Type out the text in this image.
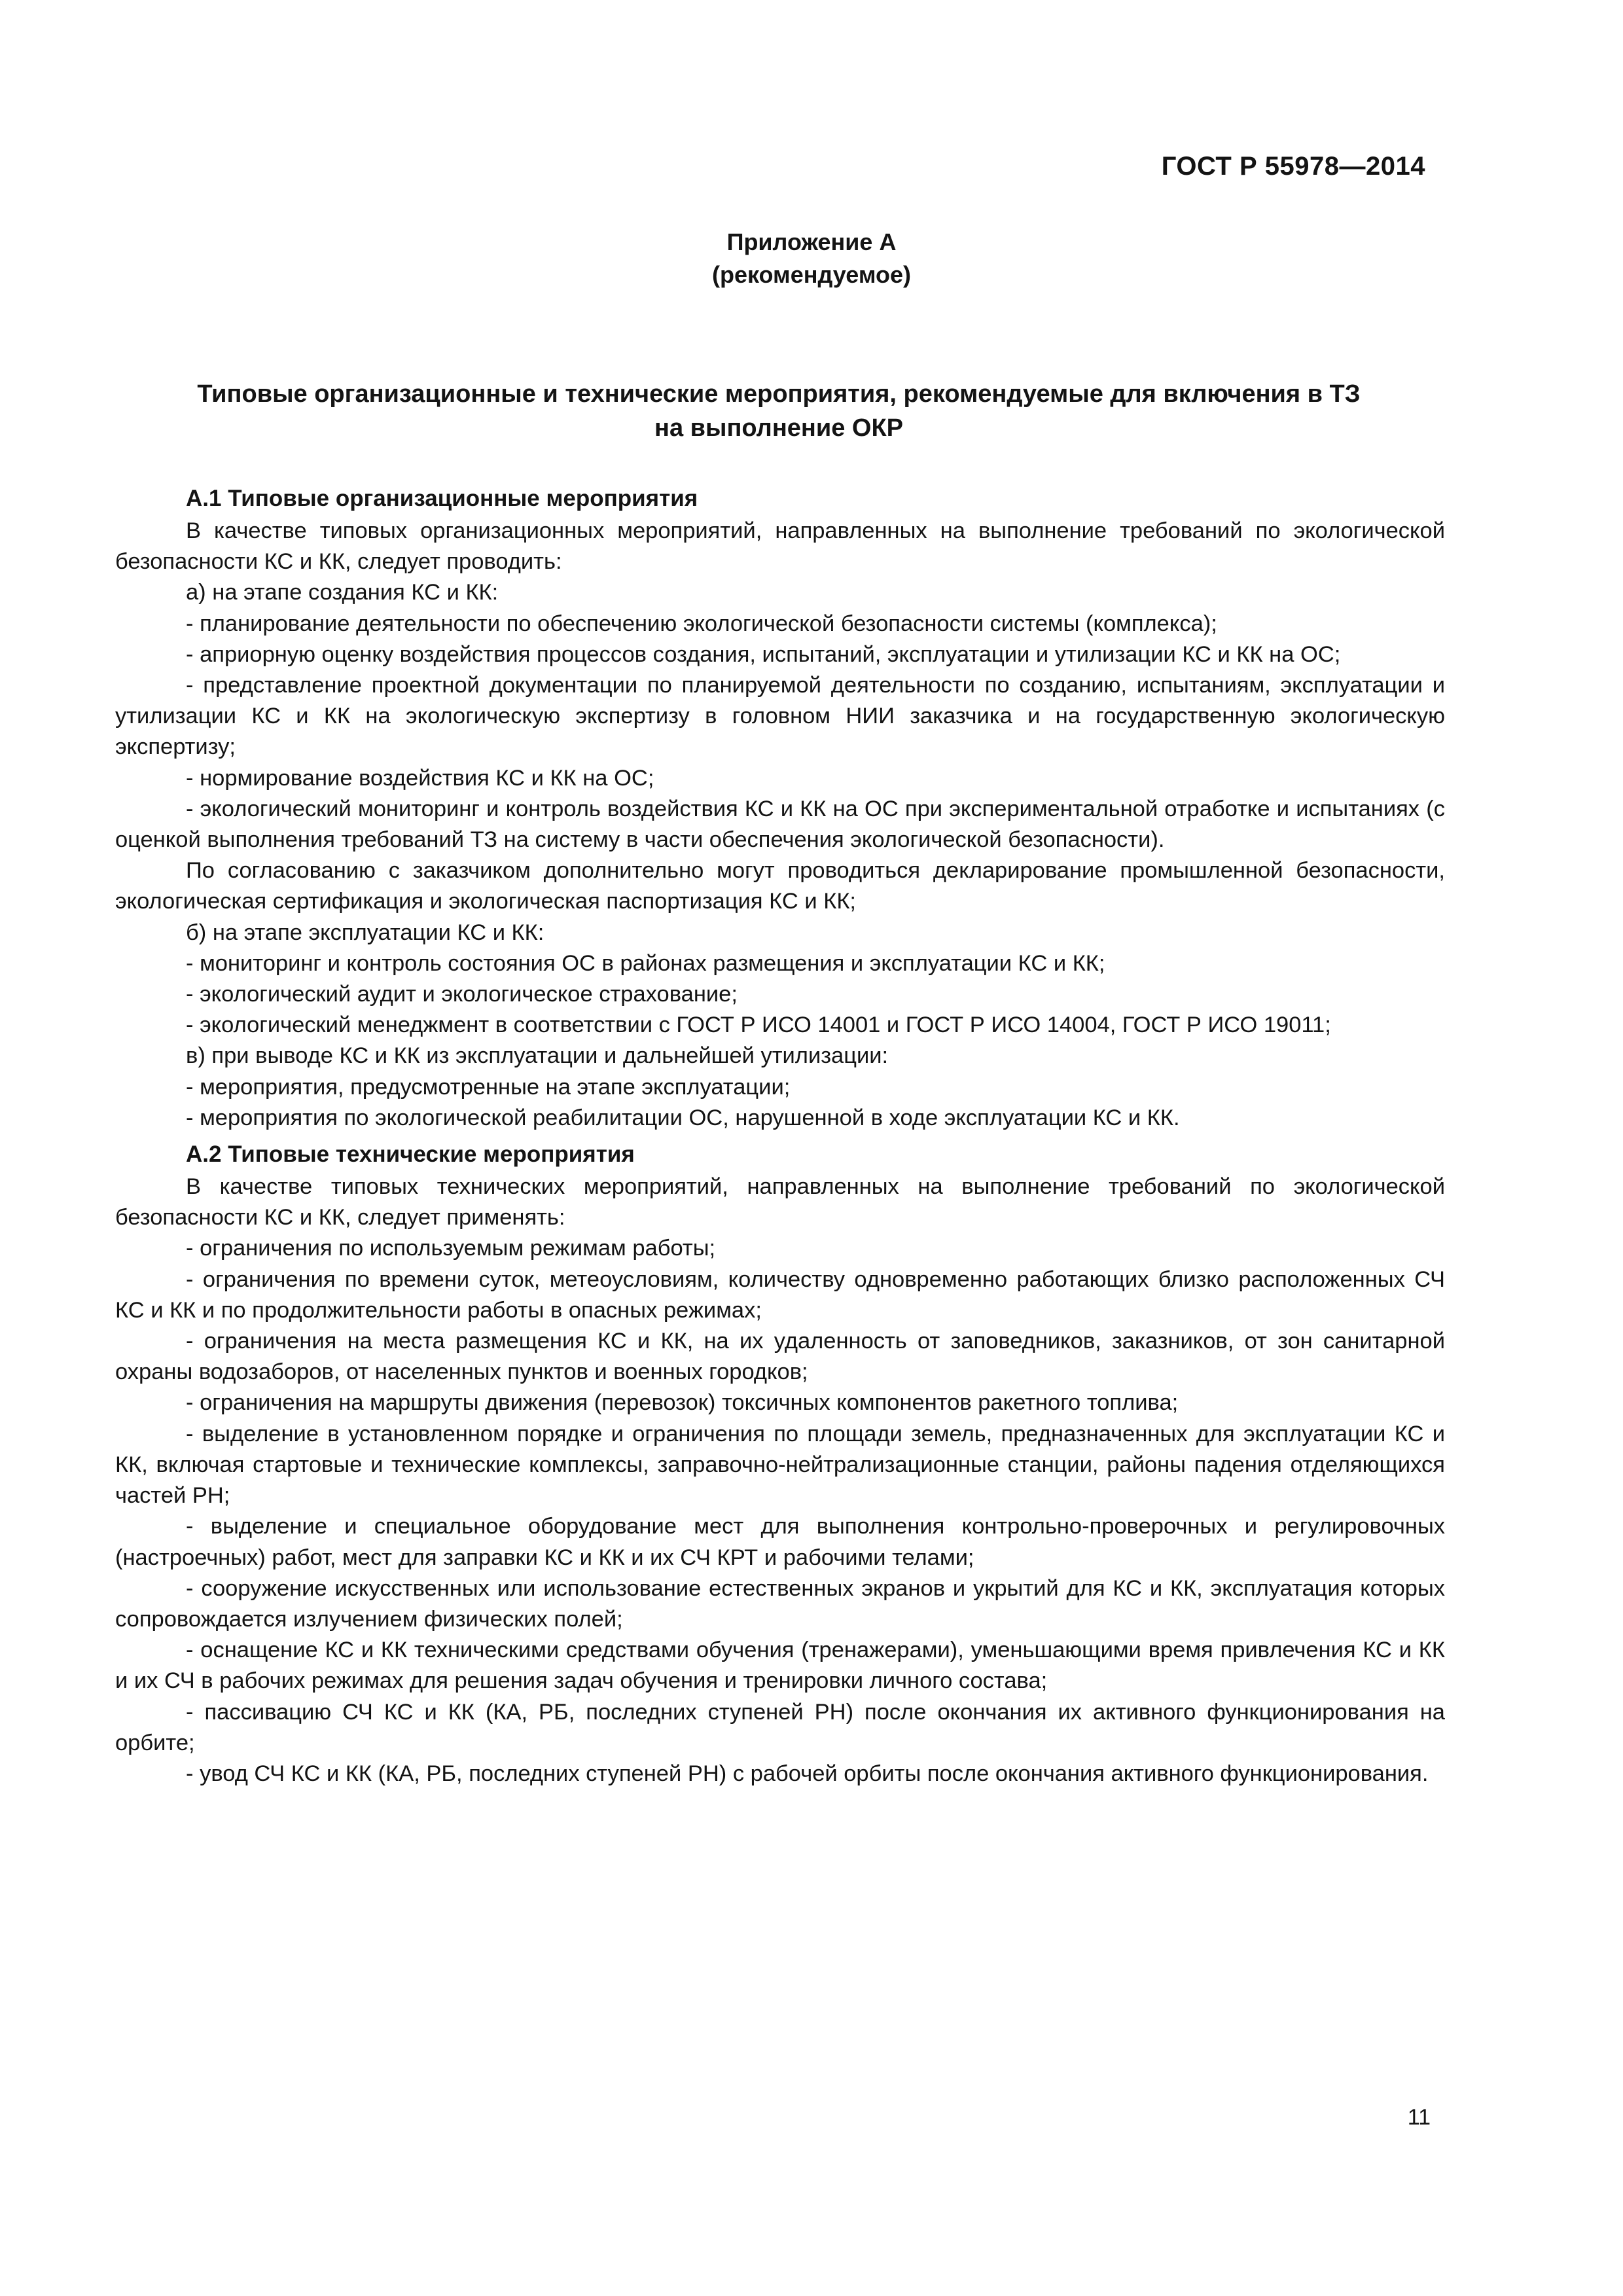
ГОСТ Р 55978—2014
Приложение А
(рекомендуемое)
Типовые организационные и технические мероприятия, рекомендуемые для включения в ТЗ
на выполнение ОКР
А.1 Типовые организационные мероприятия

В качестве типовых организационных мероприятий, направленных на выполнение требований по экологической безопасности КС и КК, следует проводить:

а) на этапе создания КС и КК:

- планирование деятельности по обеспечению экологической безопасности системы (комплекса);

- априорную оценку воздействия процессов создания, испытаний, эксплуатации и утилизации КС и КК на ОС;

- представление проектной документации по планируемой деятельности по созданию, испытаниям, эксплуатации и утилизации КС и КК на экологическую экспертизу в головном НИИ заказчика и на государственную экологическую экспертизу;

- нормирование воздействия КС и КК на ОС;

- экологический мониторинг и контроль воздействия КС и КК на ОС при экспериментальной отработке и испытаниях (с оценкой выполнения требований ТЗ на систему в части обеспечения экологической безопасности).

По согласованию с заказчиком дополнительно могут проводиться декларирование промышленной безопасности, экологическая сертификация и экологическая паспортизация КС и КК;

б) на этапе эксплуатации КС и КК:

- мониторинг и контроль состояния ОС в районах размещения и эксплуатации КС и КК;

- экологический аудит и экологическое страхование;

- экологический менеджмент в соответствии с ГОСТ Р ИСО 14001 и ГОСТ Р ИСО 14004, ГОСТ Р ИСО 19011;

в) при выводе КС и КК из эксплуатации и дальнейшей утилизации:

- мероприятия, предусмотренные на этапе эксплуатации;

- мероприятия по экологической реабилитации ОС, нарушенной в ходе эксплуатации КС и КК.

А.2 Типовые технические мероприятия

В качестве типовых технических мероприятий, направленных на выполнение требований по экологической безопасности КС и КК, следует применять:

- ограничения по используемым режимам работы;

- ограничения по времени суток, метеоусловиям, количеству одновременно работающих близко расположенных СЧ КС и КК и по продолжительности работы в опасных режимах;

- ограничения на места размещения КС и КК, на их удаленность от заповедников, заказников, от зон санитарной охраны водозаборов, от населенных пунктов и военных городков;

- ограничения на маршруты движения (перевозок) токсичных компонентов ракетного топлива;

- выделение в установленном порядке и ограничения по площади земель, предназначенных для эксплуатации КС и КК, включая стартовые и технические комплексы, заправочно-нейтрализационные станции, районы падения отделяющихся частей РН;

- выделение и специальное оборудование мест для выполнения контрольно-проверочных и регулировочных (настроечных) работ, мест для заправки КС и КК и их СЧ КРТ и рабочими телами;

- сооружение искусственных или использование естественных экранов и укрытий для КС и КК, эксплуатация которых сопровождается излучением физических полей;

- оснащение КС и КК техническими средствами обучения (тренажерами), уменьшающими время привлечения КС и КК и их СЧ в рабочих режимах для решения задач обучения и тренировки личного состава;

- пассивацию СЧ КС и КК (КА, РБ, последних ступеней РН) после окончания их активного функционирования на орбите;

- увод СЧ КС и КК (КА, РБ, последних ступеней РН) с рабочей орбиты после окончания активного функционирования.

11
